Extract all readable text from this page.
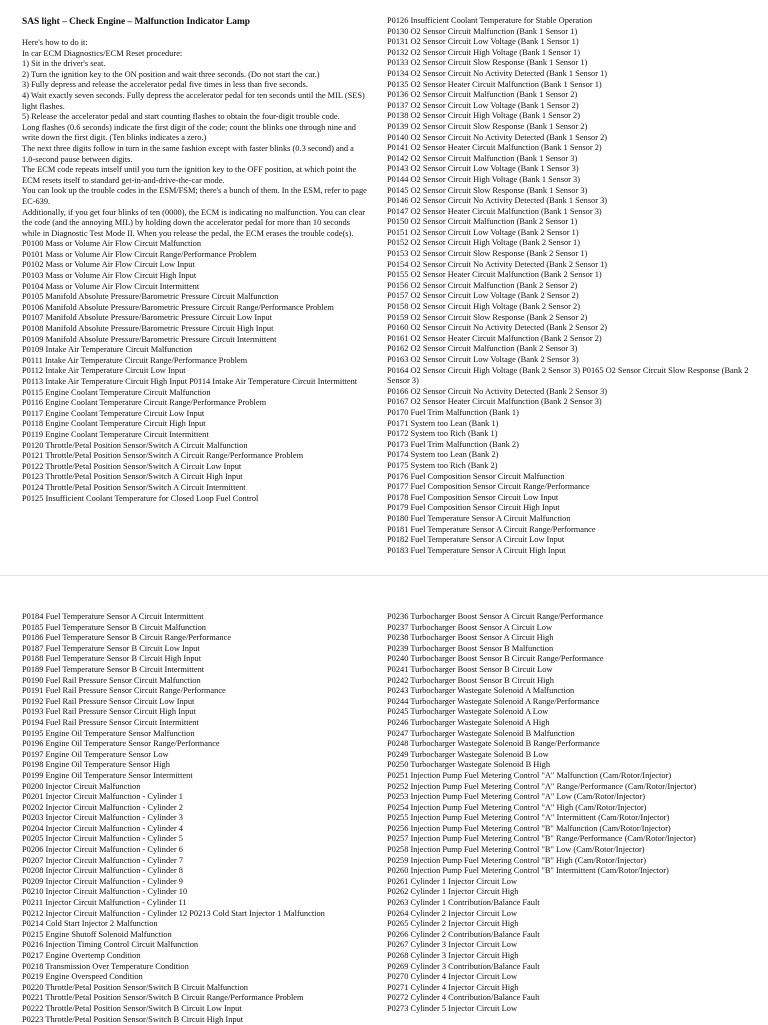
SAS light – Check Engine – Malfunction Indicator Lamp
Here's how to do it:
In car ECM Diagnostics/ECM Reset procedure:
1) Sit in the driver's seat.
2) Turn the ignition key to the ON position and wait three seconds. (Do not start the car.)
3) Fully depress and release the accelerator pedal five times in less than five seconds.
4) Wait exactly seven seconds. Fully depress the accelerator pedal for ten seconds until the MIL (SES) light flashes.
5) Release the accelerator pedal and start counting flashes to obtain the four-digit trouble code.
Long flashes (0.6 seconds) indicate the first digit of the code; count the blinks one through nine and write down the first digit. (Ten blinks indicates a zero.)
The next three digits follow in turn in the same fashion except with faster blinks (0.3 second) and a 1.0-second pause between digits.
The ECM code repeats intself until you turn the ignition key to the OFF position, at which point the ECM resets itself to standard get-in-and-drive-the-car mode.
You can look up the trouble codes in the ESM/FSM; there's a bunch of them. In the ESM, refer to page EC-639.
Additionally, if you get four blinks of ten (0000), the ECM is indicating no malfunction. You can clear the code (and the annoying MIL) by holding down the accelerator pedal for more than 10 seconds while in Diagnostic Test Mode II. When you release the pedal, the ECM erases the trouble code(s).
P0100 Mass or Volume Air Flow Circuit Malfunction
P0101 Mass or Volume Air Flow Circuit Range/Performance Problem
P0102 Mass or Volume Air Flow Circuit Low Input
P0103 Mass or Volume Air Flow Circuit High Input
P0104 Mass or Volume Air Flow Circuit Intermittent
P0105 Manifold Absolute Pressure/Barometric Pressure Circuit Malfunction
P0106 Manifold Absolute Pressure/Barometric Pressure Circuit Range/Performance Problem
P0107 Manifold Absolute Pressure/Barometric Pressure Circuit Low Input
P0108 Manifold Absolute Pressure/Barometric Pressure Circuit High Input
P0109 Manifold Absolute Pressure/Barometric Pressure Circuit Intermittent
P0109 Intake Air Temperature Circuit Malfunction
P0111 Intake Air Temperature Circuit Range/Performance Problem
P0112 Intake Air Temperature Circuit Low Input
P0113 Intake Air Temperature Circuit High Input P0114 Intake Air Temperature Circuit Intermittent
P0115 Engine Coolant Temperature Circuit Malfunction
P0116 Engine Coolant Temperature Circuit Range/Performance Problem
P0117 Engine Coolant Temperature Circuit Low Input
P0118 Engine Coolant Temperature Circuit High Input
P0119 Engine Coolant Temperature Circuit Intermittent
P0120 Throttle/Petal Position Sensor/Switch A Circuit Malfunction
P0121 Throttle/Petal Position Sensor/Switch A Circuit Range/Performance Problem
P0122 Throttle/Petal Position Sensor/Switch A Circuit Low Input
P0123 Throttle/Petal Position Sensor/Switch A Circuit High Input
P0124 Throttle/Petal Position Sensor/Switch A Circuit Intermittent
P0125 Insufficient Coolant Temperature for Closed Loop Fuel Control
P0126 Insufficient Coolant Temperature for Stable Operation
P0130 O2 Sensor Circuit Malfunction (Bank 1 Sensor 1)
P0131 O2 Sensor Circuit Low Voltage (Bank 1 Sensor 1)
P0132 O2 Sensor Circuit High Voltage (Bank 1 Sensor 1)
P0133 O2 Sensor Circuit Slow Response (Bank 1 Sensor 1)
P0134 O2 Sensor Circuit No Activity Detected (Bank 1 Sensor 1)
P0135 O2 Sensor Heater Circuit Malfunction (Bank 1 Sensor 1)
P0136 O2 Sensor Circuit Malfunction (Bank 1 Sensor 2)
P0137 O2 Sensor Circuit Low Voltage (Bank 1 Sensor 2)
P0138 O2 Sensor Circuit High Voltage (Bank 1 Sensor 2)
P0139 O2 Sensor Circuit Slow Response (Bank 1 Sensor 2)
P0140 O2 Sensor Circuit No Activity Detected (Bank 1 Sensor 2)
P0141 O2 Sensor Heater Circuit Malfunction (Bank 1 Sensor 2)
P0142 O2 Sensor Circuit Malfunction (Bank 1 Sensor 3)
P0143 O2 Sensor Circuit Low Voltage (Bank 1 Sensor 3)
P0144 O2 Sensor Circuit High Voltage (Bank 1 Sensor 3)
P0145 O2 Sensor Circuit Slow Response (Bank 1 Sensor 3)
P0146 O2 Sensor Circuit No Activity Detected (Bank 1 Sensor 3)
P0147 O2 Sensor Heater Circuit Malfunction (Bank 1 Sensor 3)
P0150 O2 Sensor Circuit Malfunction (Bank 2 Sensor 1)
P0151 O2 Sensor Circuit Low Voltage (Bank 2 Sensor 1)
P0152 O2 Sensor Circuit High Voltage (Bank 2 Sensor 1)
P0153 O2 Sensor Circuit Slow Response (Bank 2 Sensor 1)
P0154 O2 Sensor Circuit No Activity Detected (Bank 2 Sensor 1)
P0155 O2 Sensor Heater Circuit Malfunction (Bank 2 Sensor 1)
P0156 O2 Sensor Circuit Malfunction (Bank 2 Sensor 2)
P0157 O2 Sensor Circuit Low Voltage (Bank 2 Sensor 2)
P0158 O2 Sensor Circuit High Voltage (Bank 2 Sensor 2)
P0159 O2 Sensor Circuit Slow Response (Bank 2 Sensor 2)
P0160 O2 Sensor Circuit No Activity Detected (Bank 2 Sensor 2)
P0161 O2 Sensor Heater Circuit Malfunction (Bank 2 Sensor 2)
P0162 O2 Sensor Circuit Malfunction (Bank 2 Sensor 3)
P0163 O2 Sensor Circuit Low Voltage (Bank 2 Sensor 3)
P0164 O2 Sensor Circuit High Voltage (Bank 2 Sensor 3) P0165 O2 Sensor Circuit Slow Response (Bank 2 Sensor 3)
P0166 O2 Sensor Circuit No Activity Detected (Bank 2 Sensor 3)
P0167 O2 Sensor Heater Circuit Malfunction (Bank 2 Sensor 3)
P0170 Fuel Trim Malfunction (Bank 1)
P0171 System too Lean (Bank 1)
P0172 System too Rich (Bank 1)
P0173 Fuel Trim Malfunction (Bank 2)
P0174 System too Lean (Bank 2)
P0175 System too Rich (Bank 2)
P0176 Fuel Composition Sensor Circuit Malfunction
P0177 Fuel Composition Sensor Circuit Range/Performance
P0178 Fuel Composition Sensor Circuit Low Input
P0179 Fuel Composition Sensor Circuit High Input
P0180 Fuel Temperature Sensor A Circuit Malfunction
P0181 Fuel Temperature Sensor A Circuit Range/Performance
P0182 Fuel Temperature Sensor A Circuit Low Input
P0183 Fuel Temperature Sensor A Circuit High Input
P0184 Fuel Temperature Sensor A Circuit Intermittent
P0185 Fuel Temperature Sensor B Circuit Malfunction
P0186 Fuel Temperature Sensor B Circuit Range/Performance
P0187 Fuel Temperature Sensor B Circuit Low Input
P0188 Fuel Temperature Sensor B Circuit High Input
P0189 Fuel Temperature Sensor B Circuit Intermittent
P0190 Fuel Rail Pressure Sensor Circuit Malfunction
P0191 Fuel Rail Pressure Sensor Circuit Range/Performance
P0192 Fuel Rail Pressure Sensor Circuit Low Input
P0193 Fuel Rail Pressure Sensor Circuit High Input
P0194 Fuel Rail Pressure Sensor Circuit Intermittent
P0195 Engine Oil Temperature Sensor Malfunction
P0196 Engine Oil Temperature Sensor Range/Performance
P0197 Engine Oil Temperature Sensor Low
P0198 Engine Oil Temperature Sensor High
P0199 Engine Oil Temperature Sensor Intermittent
P0200 Injector Circuit Malfunction
P0201 Injector Circuit Malfunction - Cylinder 1
P0202 Injector Circuit Malfunction - Cylinder 2
P0203 Injector Circuit Malfunction - Cylinder 3
P0204 Injector Circuit Malfunction - Cylinder 4
P0205 Injector Circuit Malfunction - Cylinder 5
P0206 Injector Circuit Malfunction - Cylinder 6
P0207 Injector Circuit Malfunction - Cylinder 7
P0208 Injector Circuit Malfunction - Cylinder 8
P0209 Injector Circuit Malfunction - Cylinder 9
P0210 Injector Circuit Malfunction - Cylinder 10
P0211 Injector Circuit Malfunction - Cylinder 11
P0212 Injector Circuit Malfunction - Cylinder 12 P0213 Cold Start Injector 1 Malfunction
P0214 Cold Start Injector 2 Malfunction
P0215 Engine Shutoff Solenoid Malfunction
P0216 Injection Timing Control Circuit Malfunction
P0217 Engine Overtemp Condition
P0218 Transmission Over Temperature Condition
P0219 Engine Overspeed Condition
P0220 Throttle/Petal Position Sensor/Switch B Circuit Malfunction
P0221 Throttle/Petal Position Sensor/Switch B Circuit Range/Performance Problem
P0222 Throttle/Petal Position Sensor/Switch B Circuit Low Input
P0223 Throttle/Petal Position Sensor/Switch B Circuit High Input
P0236 Turbocharger Boost Sensor A Circuit Range/Performance
P0237 Turbocharger Boost Sensor A Circuit Low
P0238 Turbocharger Boost Sensor A Circuit High
P0239 Turbocharger Boost Sensor B Malfunction
P0240 Turbocharger Boost Sensor B Circuit Range/Performance
P0241 Turbocharger Boost Sensor B Circuit Low
P0242 Turbocharger Boost Sensor B Circuit High
P0243 Turbocharger Wastegate Solenoid A Malfunction
P0244 Turbocharger Wastegate Solenoid A Range/Performance
P0245 Turbocharger Wastegate Solenoid A Low
P0246 Turbocharger Wastegate Solenoid A High
P0247 Turbocharger Wastegate Solenoid B Malfunction
P0248 Turbocharger Wastegate Solenoid B Range/Performance
P0249 Turbocharger Wastegate Solenoid B Low
P0250 Turbocharger Wastegate Solenoid B High
P0251 Injection Pump Fuel Metering Control "A" Malfunction (Cam/Rotor/Injector)
P0252 Injection Pump Fuel Metering Control "A" Range/Performance (Cam/Rotor/Injector)
P0253 Injection Pump Fuel Metering Control "A" Low (Cam/Rotor/Injector)
P0254 Injection Pump Fuel Metering Control "A" High (Cam/Rotor/Injector)
P0255 Injection Pump Fuel Metering Control "A" Intermittent (Cam/Rotor/Injector)
P0256 Injection Pump Fuel Metering Control "B" Malfunction (Cam/Rotor/Injector)
P0257 Injection Pump Fuel Metering Control "B" Range/Performance (Cam/Rotor/Injector)
P0258 Injection Pump Fuel Metering Control "B" Low (Cam/Rotor/Injector)
P0259 Injection Pump Fuel Metering Control "B" High (Cam/Rotor/Injector)
P0260 Injection Pump Fuel Metering Control "B" Intermittent (Cam/Rotor/Injector)
P0261 Cylinder 1 Injector Circuit Low
P0262 Cylinder 1 Injector Circuit High
P0263 Cylinder 1 Contribution/Balance Fault
P0264 Cylinder 2 Injector Circuit Low
P0265 Cylinder 2 Injector Circuit High
P0266 Cylinder 2 Contribution/Balance Fault
P0267 Cylinder 3 Injector Circuit Low
P0268 Cylinder 3 Injector Circuit High
P0269 Cylinder 3 Contribution/Balance Fault
P0270 Cylinder 4 Injector Circuit Low
P0271 Cylinder 4 Injector Circuit High
P0272 Cylinder 4 Contribution/Balance Fault
P0273 Cylinder 5 Injector Circuit Low
